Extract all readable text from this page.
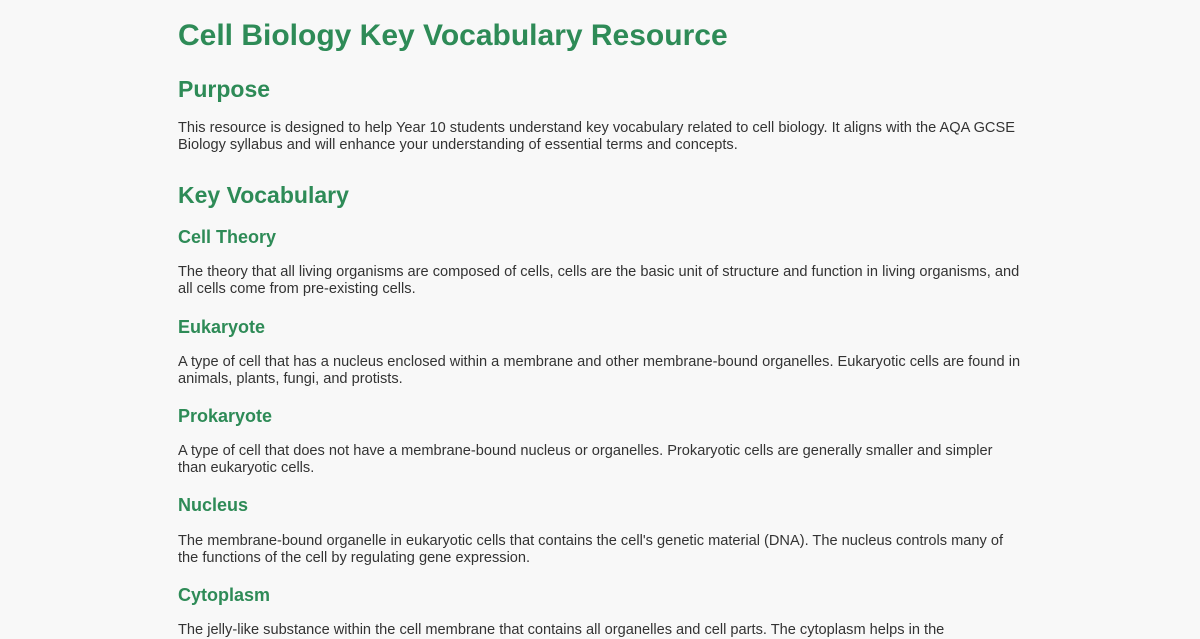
Cell Biology Key Vocabulary Resource
Purpose

This resource is designed to help Year 10 students understand key vocabulary related to cell biology. It aligns with the AQA GCSE Biology syllabus and will enhance your understanding of essential terms and concepts.

Key Vocabulary
Cell Theory

The theory that all living organisms are composed of cells, cells are the basic unit of structure and function in living organisms, and all cells come from pre-existing cells.

Eukaryote

A type of cell that has a nucleus enclosed within a membrane and other membrane-bound organelles. Eukaryotic cells are found in animals, plants, fungi, and protists.

Prokaryote

A type of cell that does not have a membrane-bound nucleus or organelles. Prokaryotic cells are generally smaller and simpler than eukaryotic cells.

Nucleus

The membrane-bound organelle in eukaryotic cells that contains the cell's genetic material (DNA). The nucleus controls many of the functions of the cell by regulating gene expression.

Cytoplasm

The jelly-like substance within the cell membrane that contains all organelles and cell parts. The cytoplasm helps in the
